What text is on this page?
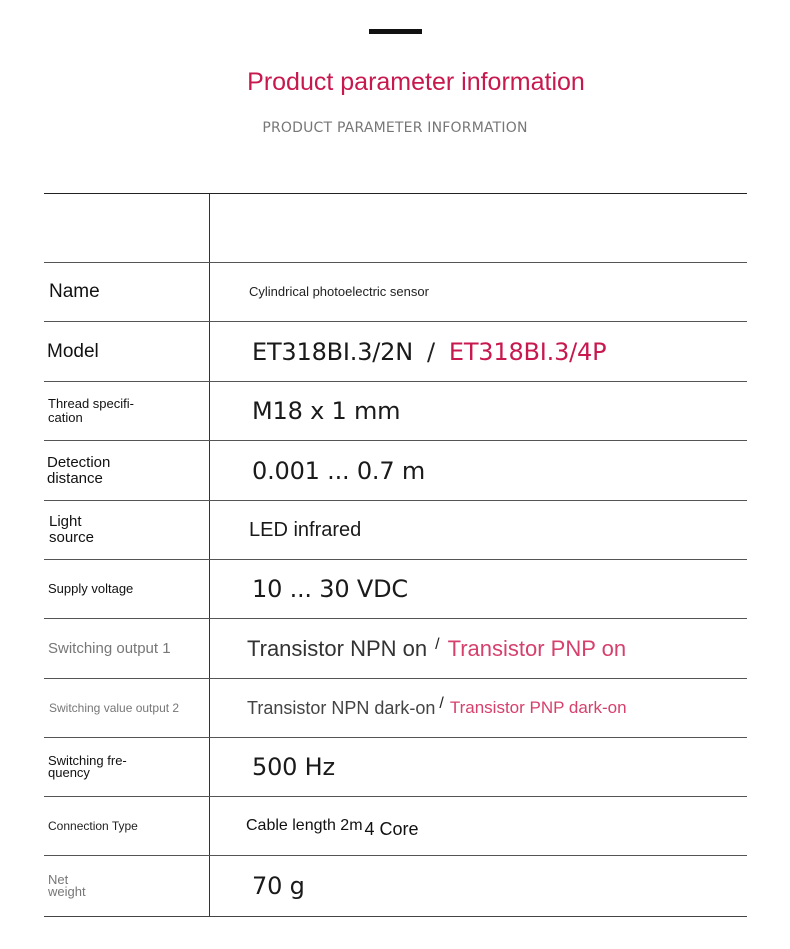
Product parameter information
PRODUCT PARAMETER INFORMATION
Name	Cylindrical photoelectric sensor
Model	ET318BI.3/2N / ET318BI.3/4P
Thread specifi-
cation	M18 x 1 mm
Detection
distance	0.001 ... 0.7 m
Light
source	LED infrared
Supply voltage	10 ... 30 VDC
Switching output 1	Transistor NPN on / Transistor PNP on
Switching value output 2	Transistor NPN dark-on / Transistor PNP dark-on
Switching fre-
quency	500 Hz
Connection Type	Cable length 2m 4 Core
Net
weight	70 g
